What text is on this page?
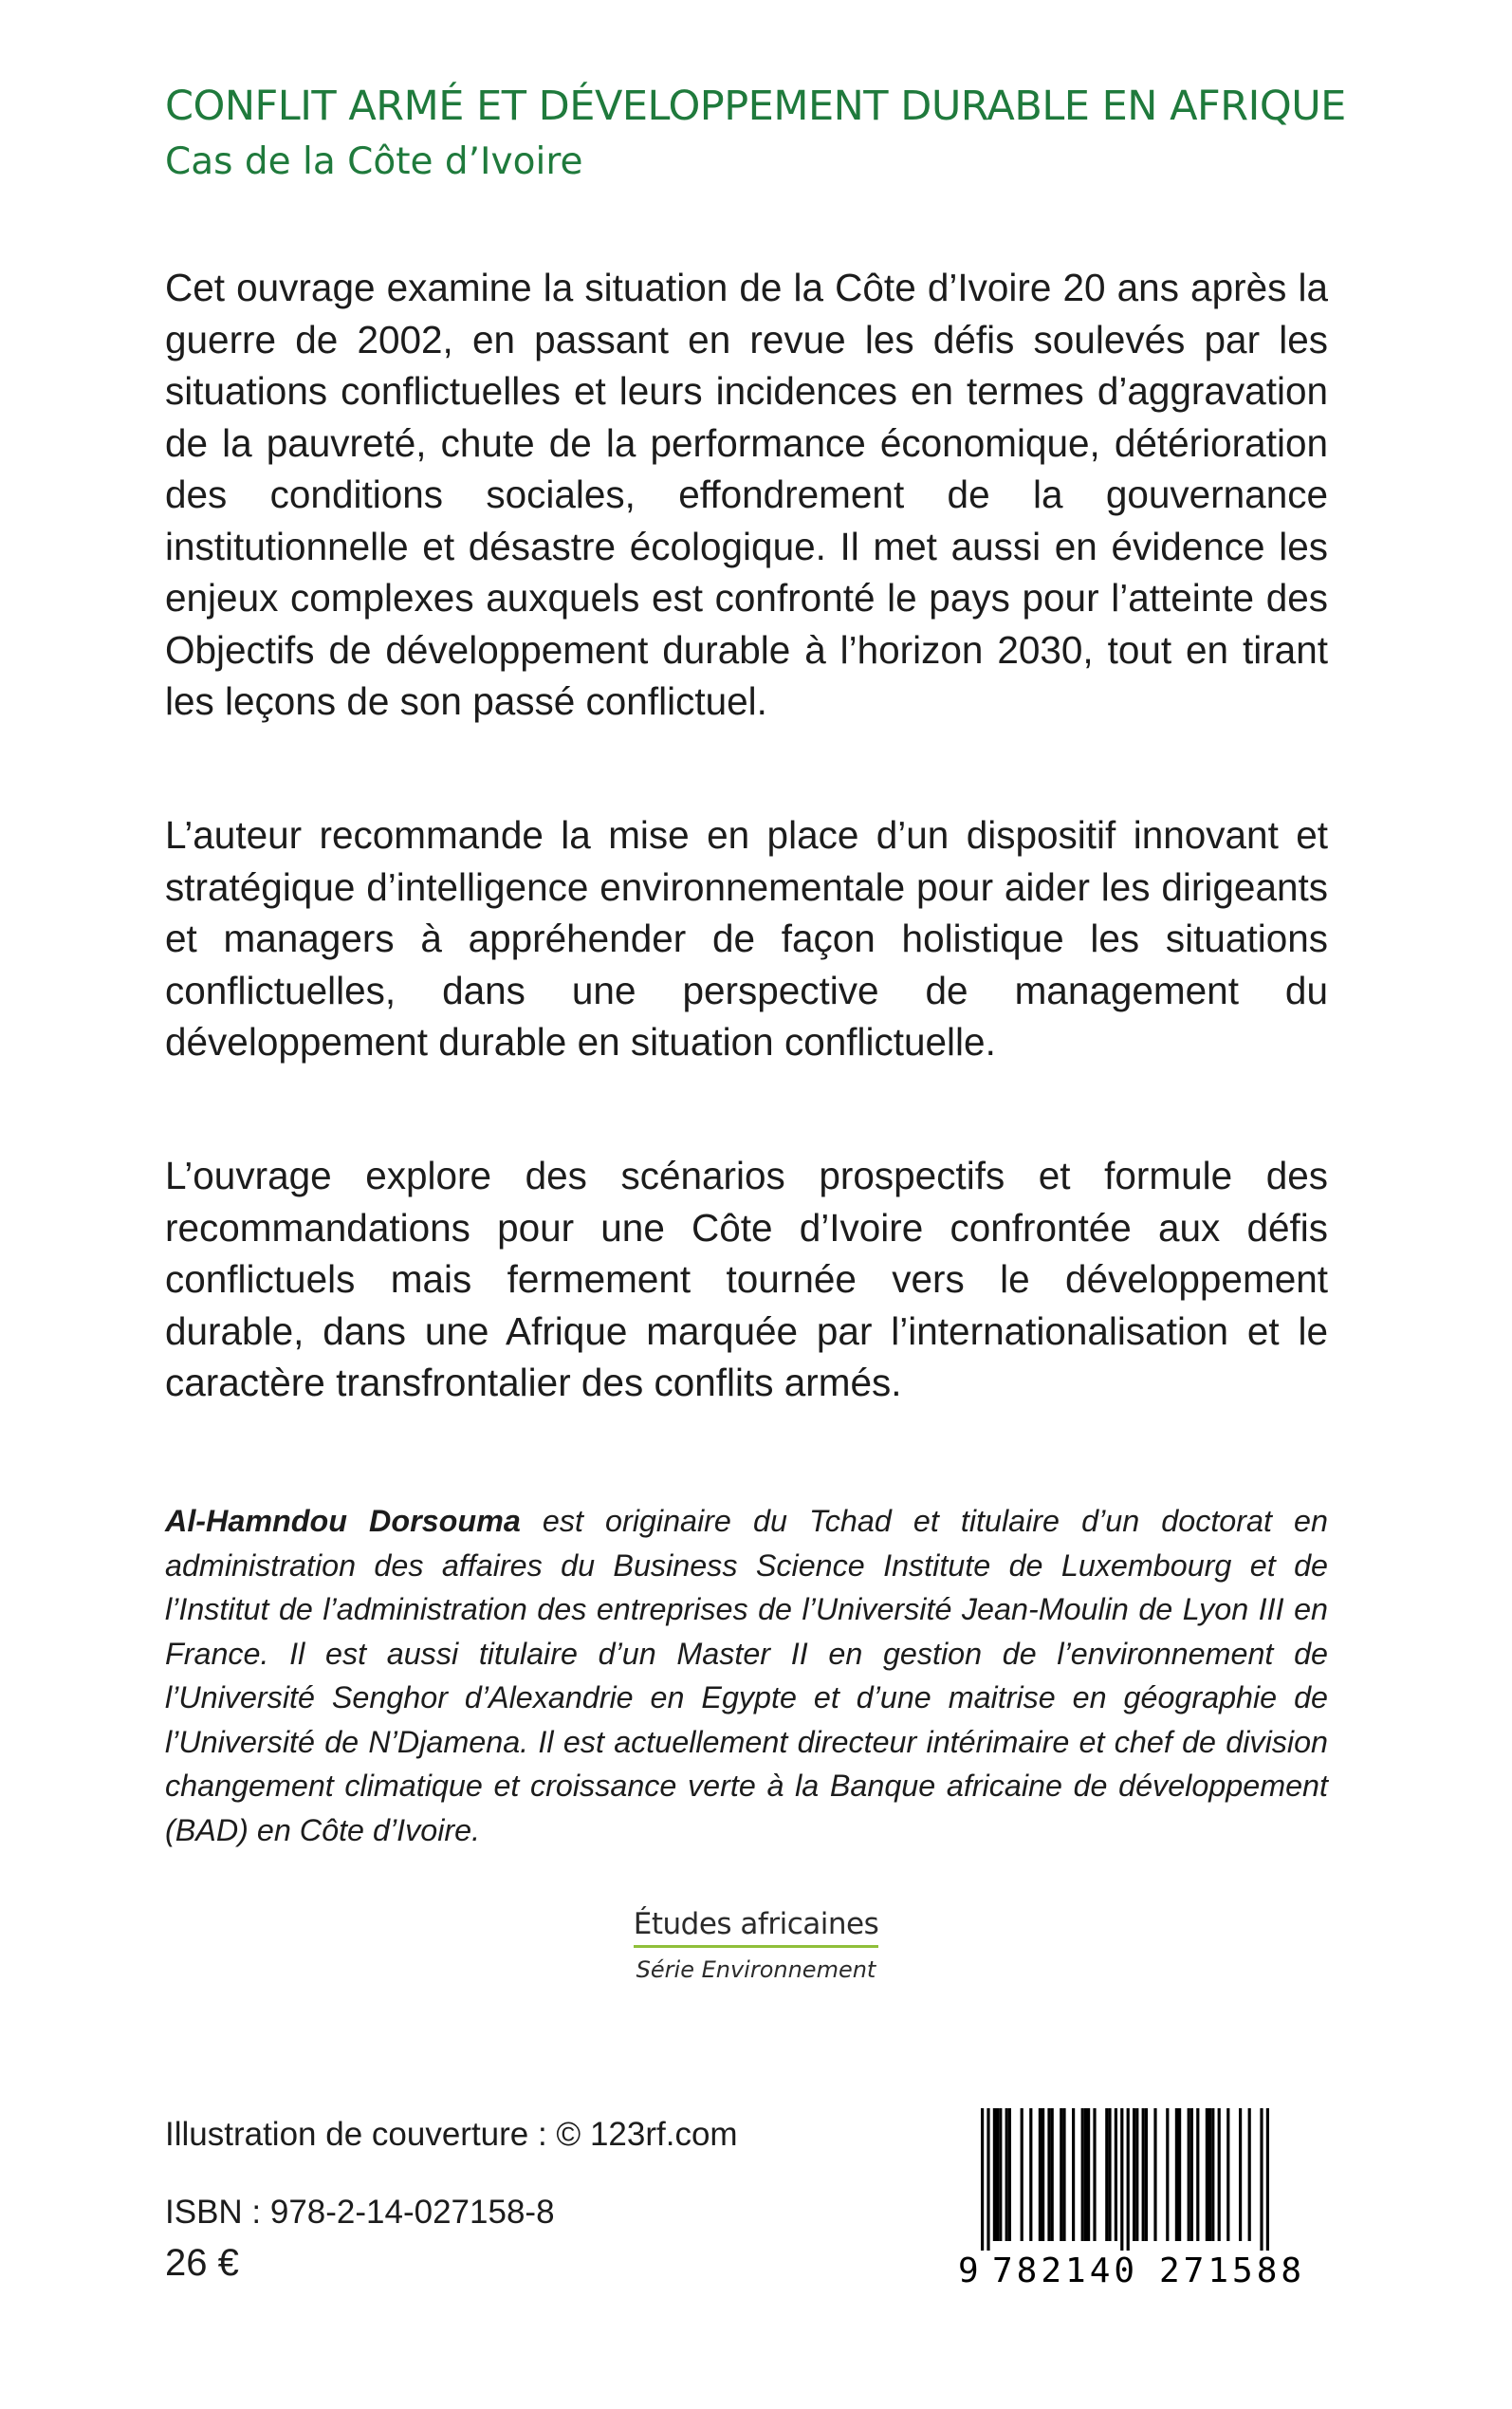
CONFLIT ARMÉ ET DÉVELOPPEMENT DURABLE EN AFRIQUE
Cas de la Côte d’Ivoire

Cet ouvrage examine la situation de la Côte d’Ivoire 20 ans après la guerre de 2002, en passant en revue les défis soulevés par les situations conflictuelles et leurs incidences en termes d’aggravation de la pauvreté, chute de la performance économique, détérioration des conditions sociales, effondrement de la gouvernance institutionnelle et désastre écologique. Il met aussi en évidence les enjeux complexes auxquels est confronté le pays pour l’atteinte des Objectifs de développement durable à l’horizon 2030, tout en tirant les leçons de son passé conflictuel.

L’auteur recommande la mise en place d’un dispositif innovant et stratégique d’intelligence environnementale pour aider les dirigeants et managers à appréhender de façon holistique les situations conflictuelles, dans une perspective de management du développement durable en situation conflictuelle.

L’ouvrage explore des scénarios prospectifs et formule des recommandations pour une Côte d’Ivoire confrontée aux défis conflictuels mais fermement tournée vers le développement durable, dans une Afrique marquée par l’internationalisation et le caractère transfrontalier des conflits armés.

Al-Hamndou Dorsouma est originaire du Tchad et titulaire d’un doctorat en administration des affaires du Business Science Institute de Luxembourg et de l’Institut de l’administration des entreprises de l’Université Jean-Moulin de Lyon III en France. Il est aussi titulaire d’un Master II en gestion de l’environnement de l’Université Senghor d’Alexandrie en Egypte et d’une maitrise en géographie de l’Université de N’Djamena. Il est actuellement directeur intérimaire et chef de division changement climatique et croissance verte à la Banque africaine de développement (BAD) en Côte d’Ivoire.

Études africaines
Série Environnement
Illustration de couverture : © 123rf.com
ISBN : 978-2-14-027158-8
26 €	9 782140 271588
